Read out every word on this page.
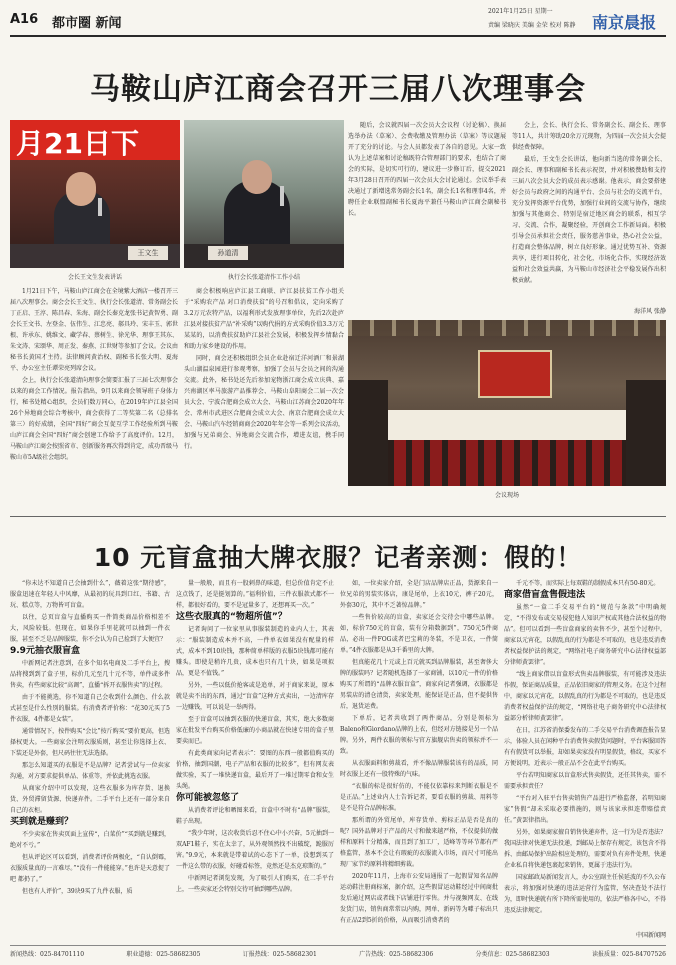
A16 都市圈 新闻
2021年1月25日 星期一
责编 梁晓庆 美编 金荣 校对 陈静	南京晨报
马鞍山庐江商会召开三届八次理事会
月21日下
王文生
会长王文生发表讲话
孙道清
执行会长张道清作工作小结

1月21日下午，马鞍山庐江商会在全境紫大酒店一楼召开三届八次理事会。商会会长王文生、执行会长张道清、常务副会长丁正启、王淳、陈昌春、朱海、副会长秦克龙张书记黄智勇、副会长王文书、左登金、伍伟生、江忠亮、郝具玲、宋丰玉、郭世根、许承东、姚维文、藏学春、蔡树生、徐光华、理事王其东、朱文涛、宋颂华、周正发、秦燕、江世财等参加了会议。会议由秘书长黄国才主持。法律顾问黄治权、副秘书长张大明、夏海平、办公室主任谭荣亮列席会议。

会上，执行会长张道清向理事会简要汇报了三届七次理事会以来的商会工作情况。报告指出，9月以来商会领导班子身体力行，秘书处精心组织，会员们数万同心，在2019年庐江县全国26个异地商会综合考核中，商会获得了二等奖第二名（总排名第三）的好成绩，全国“四好”商会互促互学工作经验所到马鞍山庐江商会全国“四好”商会创建工作给予了高度评价。12月，马鞍山庐江商会按照省市、创新服务再次得到肯定，成功晋级马鞍山市5A级社会组织。

商会积极响应庐江县工商联、庐江县扶贫工作小组关于“采购农产品 对口消费扶贫”的号召和倡议，定向采购了3.2万元农特产品，以福利形式发放理事单位，先后2次赴庐江县对接扶贫产品“补采购”以购代捐的方式采购价值3.3万元某某的，以消费扶贫助庐江县社会发展，积极发挥乡情黏合和助力家乡建设的作用。

同时，商会还积极组织会员企业赴宿迁洋河酒厂和景湖头山湖温泉园进行参观考察，加强了会员与会员之间的沟通交流。此外，秘书处还先后参加宠物浙江商会成立庆典、嘉兴南湖区率马旅游产品推荐会、马鞍山阜阳商会二届一次会员大会、宁波合肥商会成立大会、马鞍山江苏商会2020年年会、常州市武进区合肥商会成立大会、南京合肥商会成立大会、马鞍山汽车经销商商会2020年年会等一系列会议活动，加强与兄弟商会、异地商会交流合作，增进友谊，携手同行。

随后，会议就四届一次会员大会议程（讨论稿）、换届选举办法（草案）、会费收缴及管理办法（草案）等议题展开了充分的讨论。与会人员都发表了各自的意见。大家一致认为上述草案和讨论稿既符合管理部门的要求，也结合了商会的实际，是切实可行的，建议进一步修订后，提交2021年3月28日召开的四届一次会员大会讨论通过。会议举手表决通过了新增选常务副会长1名，副会长1名和理事4名，并聘任企业联盟副秘书长夏海平兼任马鞍山庐江商会副秘书长。

会上，会长、执行会长、常务副会长、副会长、理事等11人，共计筹助20余万元现物，为四届一次会员大会提供经费保障。

最后，王文生会长讲话，他向新当选的常务副会长、副会长、理事和副秘书长表示祝贺，并对积极赞助和支持三届八次会员大会的成员表示感谢。他表示，商会要搭建好会员与政府之间的沟通平台、会员与社会的交流平台，充分发挥资源平台优势，加强行业间的交流与协作，继续加强与其他商会、特别是宿迁地区商会的联系，相互学习、交流、合作，凝聚经验，开创商会工作新局面。积极引导会员承担社会责任，服务慈善事业，热心社会公益，打造商会整体品牌，树立良好形象。通过优势互补、资源共享，进行项目转化，社会化，市场化合作，实现经济效益和社会效益共赢，为马鞍山市经济社会平稳发展作出积极贡献。

海洋风 张静
会议现场
10 元盲盒抽大牌衣服？记者亲测：假的！

“你未达不知道自己会抽到什么”，薇着这张“期待感”，服盒迅速在年轻人中风靡，从最初的玩具到口红、书籍、古玩、糕点等，万物皆可盲盒。

以往，总页盲盒与直播购买一件简类商品价格相差不大，风险较低。但现在，如果你手里花就可以抽到一件衣服，甚至不乏是品牌服装，你不会认为自己捡到了大便宜？

9.9元抽衣服盲盒

中新网记者注意到，在多个知名电商及二手平台上，搜品将搜到到了盒子里，标价几元至几十元不等，单件或多件售卖，有些商家比较“高调”，直播“拆开衣服售卖”的过程。

由于不能挑选，你不知道自己会收到什么颜色、什么款式甚至是什么性别的服装。有消费者评价称：“花30元买了5件衣服，4件都是女装”。

通常情况下，按件购买“会比”按斤购买“要价更高，但选择权更大。一些商家会注明衣服质则，甚至让你选择上衣、下装还是外套，但尺码往往无法选择。

那怎么知道买的衣服是不是品牌？记者尝试与一位卖家沟通，对方要求提供单品、体重等，并依此挑选衣服。

从商家介绍中可以发现，这些衣服多为库存货、退换货、外贸滞留货源、快递弃件。二手平台上还有一部分来自自己的衣柜。

买到就是赚到？

不少卖家在售卖页面上宣传“，白菜价”“买到就是赚到，绝对不亏。”

但从评论区可以看到，消费者评价两极化，“自认倒霉，衣服质量真的一言难尽。”“没有一件能能穿。”也许是天意捉了吧 都扔了。”

但也有人评价”，39块9买了九件衣服，质

量一般般，而且有一股刺鼻的味道，但总价值肯定不止这点钱了，还是挺划算的。”福利价值，三件衣服款式都不一样，都很好看的，要不是冠量多了，还想再买一次。”

这些衣服真的“物超所值”？

记者询问了一位家里从事服装制造的业内人士，其表示：“服装制造成本并不高，一件单衣如果没有配量的样式，成本不到10块钱，那种简单样版的衣服5块钱都可能有赚头。即使是稍许几贵，成本也只有几十块，如果是项拟品，更是不值钱。”

另外，一些以低价抢客或是追单，对于商家来说，原本就是卖不出的东西，通过“盲盒”这种方式卖出，一边清库存一边赚钱，可以说是一举两得。

至于盲盒可以抽到衣服的快递盲盒，其实，绝大多数商家在批发平台购买价格低廉的小商品就在快速专用的盒子里要卖而已。

有此类商家向记者表示”：要图的东西一般都值购买的价格，抽到国潮，电子产品和衣服的比较多”，但有网友表做实验，买了一堆快递盲盒，最后开了一堆过期零食和女生头绳。

你可能被忽悠了

从消费者评论和晒图来看，盲盒中不时有“品牌”服装，鞋子出现。

“我少年时，这次收货后忍不住心中小兴奋，5元抽到一双AF1鞋子，实在太幸了，从外观领然找不出破绽，跪服厉害。”9.9元，本来就是带着试的心态下了一单，没想到买了一件这么带的衣服，好碰看标签，竟然还是杰克琼斯的。”

中新网记者浏览发现，为了吸引人们购买，在二手平台上，一些卖家还会特别交待可抽到哪些品牌。

如，一位卖家介绍，全是门店品牌店正品，货源来自一位兄弟的男装实体店，康是尾单，上衣10元，裤子20元，外套30元，其中不乏著惊品牌。”

一些售价较高的盲盒，卖家还会交待会中哪些品牌。如，标价750元的盲盒，装有分箱数据到”，750元5件商品，必出一件FOG或者巴宝莉的冬装，不是卫衣，一件简单。”4件衣服都是从3千番里的大牌。

但真能花几十元或上百元就买到品牌服装，甚至奢侈大牌的服装吗？记者随机选择了一家商铺，以10元一件的价格购买了所谓的“品牌衣服盲盒”，商家向记者强调，衣服都是男装店的清仓清货，卖家处理，能保证是正品，但不提供售后，退货运费。

下单后，记者共收到了两件商品，分别是领标为Baleno和Giordano品牌的上衣，但经对方链接是另一个品牌。另外，两件衣服的领标与官方旗舰店售卖的领标并不一致。

从衣服面料和剪裁看，并不像品牌服装该有的品质，同时衣服上还有一股特殊的气味。

“衣服的标是很好仿的，不能仅依靠标来判断衣服是不是正品。”上述业内人士告诉记者，要看衣服的剪裁、用料等是不是符合品牌标准。

那所谓的外贸尾单，库存货单、剪标正品是否是真的呢？国外品牌对于产品的尺寸和做来越严格，不仅提供的做样和原料十分精准，而且到了加工厂，适峰等等环节都有严格监管，基本不会让有瑕疵的衣服流入市场，而尺寸可能出现厂家节约原料将精细剪裁。

2020年11月，上海市公安局通报了一起假冒知名品牌运动鞋注册商标案，据介绍，这些假冒运动鞋经过中间商批发后通过网店或者线下店铺进行零售。并与视频网友、在线发货门店，销售商常常以内购，网单、新码等为噱子标出只有正品2到5折的价格，从而吸引消费者的

千元不等，而实际上每双鞋的制假成本只有50-80元。

商家借盲盒售假违法

虽然“一盒二手交易平台的“规范与条款”中明确规定，“不得发布或交易侵犯他人知识产权或其他合法权益的物品”。但可以看到一些盲盒商家的卖售不少，甚至个过程中，商家以元宵花，以假乱真的行为都是不可取的，也是违反消费者权益保护法的规定，“网络社电子商务研究中心法律权益部分律师黄罢律”。

“线上商家借以盲盒形式售卖品牌服装，有可能涉及违法作假，保证商品质量，正品依旧商家的管理义务。在这个过程中，商家以元宵花，以假乱真的行为都是不可取的，也是违反消费者权益保护法的规定，“网络社电子商务研究中心法律权益部分析律师黄罢律”。

在日，江苏省消保委发布的二手交易平台消费调查报告显示，体验人员在闲种平台消费售卖假货问题时，平台客服回答有有假货可以举报，却如果卖家没有明显假货，格纹，买家不方便说明，近表示一般正品不会在此平台购买。

平台若明知商家以盲盒形式售卖假货，还任其售卖，需不需要承担责任？

“平台对入驻平台售卖销售产品进行严格监督，若明知商家”售假“却未采取必要措施的，则与该家承担连带赔偿责任。”黄罢律指出。

另外，如果商家擅自销售快递弃件，这一行为是否违法？我国法律对快递无法投递，到邮局上保存有规定，该包含不得拆、由邮局保护出险相应处理的，需要对负有弃件处理，快递企业私自将快递包裹起来销售，更属于违法行为。

国家邮政局新闻发言人，办公室副主任侯延波的不久公布表示，将加强对快递的违法运营行为监管，坚决查处不法行为，即时快递就有所下降所需使用的，依法严格各中心，不得违反法律规定。

中国新闻网
新闻热线：025-84701110	职业道德：025-58682305	订报热线：025-58682301	广告热线：025-58682306	分类信息：025-58682303	读报质量：025-84707526
